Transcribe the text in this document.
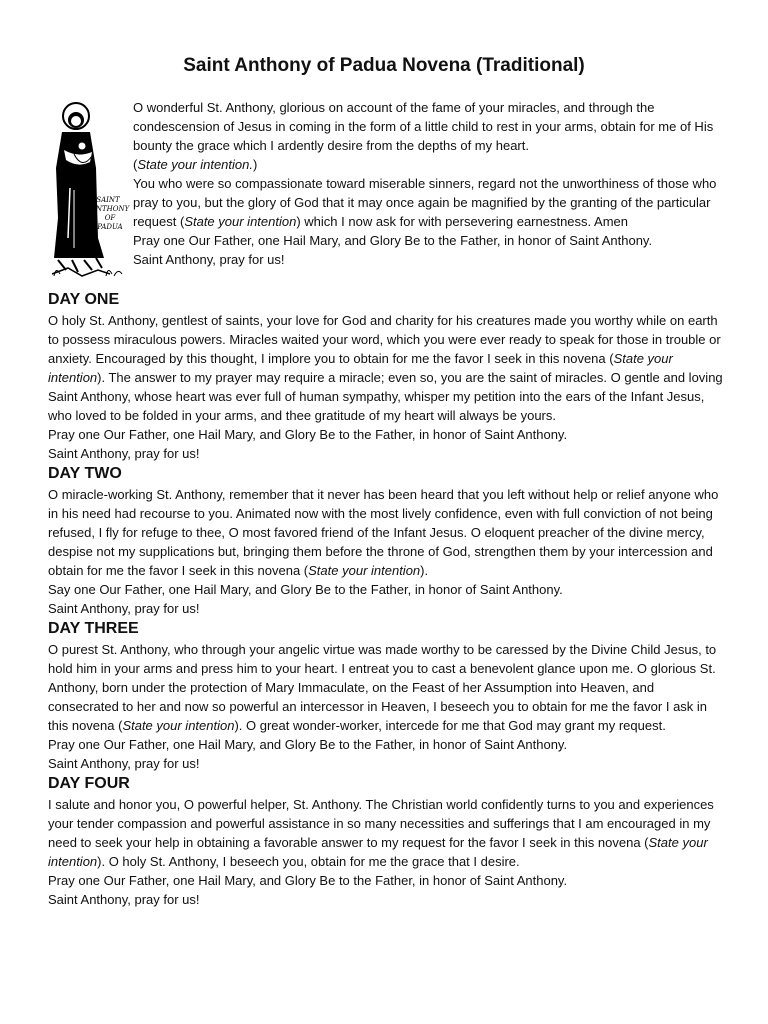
Saint Anthony of Padua Novena (Traditional)
SAINT
ANTHONY
OF
PADUA

O wonderful St. Anthony, glorious on account of the fame of your miracles, and through the condescension of Jesus in coming in the form of a little child to rest in your arms, obtain for me of His bounty the grace which I ardently desire from the depths of my heart.

(State your intention.)

You who were so compassionate toward miserable sinners, regard not the unworthiness of those who pray to you, but the glory of God that it may once again be magnified by the granting of the particular request (State your intention) which I now ask for with persevering earnestness. Amen

Pray one Our Father, one Hail Mary, and Glory Be to the Father, in honor of Saint Anthony.

Saint Anthony, pray for us!

DAY ONE

O holy St. Anthony, gentlest of saints, your love for God and charity for his creatures made you worthy while on earth to possess miraculous powers. Miracles waited your word, which you were ever ready to speak for those in trouble or anxiety. Encouraged by this thought, I implore you to obtain for me the favor I seek in this novena (State your intention). The answer to my prayer may require a miracle; even so, you are the saint of miracles. O gentle and loving Saint Anthony, whose heart was ever full of human sympathy, whisper my petition into the ears of the Infant Jesus, who loved to be folded in your arms, and thee gratitude of my heart will always be yours.

Pray one Our Father, one Hail Mary, and Glory Be to the Father, in honor of Saint Anthony.

Saint Anthony, pray for us!

DAY TWO

O miracle-working St. Anthony, remember that it never has been heard that you left without help or relief anyone who in his need had recourse to you. Animated now with the most lively confidence, even with full conviction of not being refused, I fly for refuge to thee, O most favored friend of the Infant Jesus. O eloquent preacher of the divine mercy, despise not my supplications but, bringing them before the throne of God, strengthen them by your intercession and obtain for me the favor I seek in this novena (State your intention).

Say one Our Father, one Hail Mary, and Glory Be to the Father, in honor of Saint Anthony.

Saint Anthony, pray for us!

DAY THREE

O purest St. Anthony, who through your angelic virtue was made worthy to be caressed by the Divine Child Jesus, to hold him in your arms and press him to your heart. I entreat you to cast a benevolent glance upon me. O glorious St. Anthony, born under the protection of Mary Immaculate, on the Feast of her Assumption into Heaven, and consecrated to her and now so powerful an intercessor in Heaven, I beseech you to obtain for me the favor I ask in this novena (State your intention). O great wonder-worker, intercede for me that God may grant my request.

Pray one Our Father, one Hail Mary, and Glory Be to the Father, in honor of Saint Anthony.

Saint Anthony, pray for us!

DAY FOUR

I salute and honor you, O powerful helper, St. Anthony. The Christian world confidently turns to you and experiences your tender compassion and powerful assistance in so many necessities and sufferings that I am encouraged in my need to seek your help in obtaining a favorable answer to my request for the favor I seek in this novena (State your intention). O holy St. Anthony, I beseech you, obtain for me the grace that I desire.

Pray one Our Father, one Hail Mary, and Glory Be to the Father, in honor of Saint Anthony.

Saint Anthony, pray for us!
